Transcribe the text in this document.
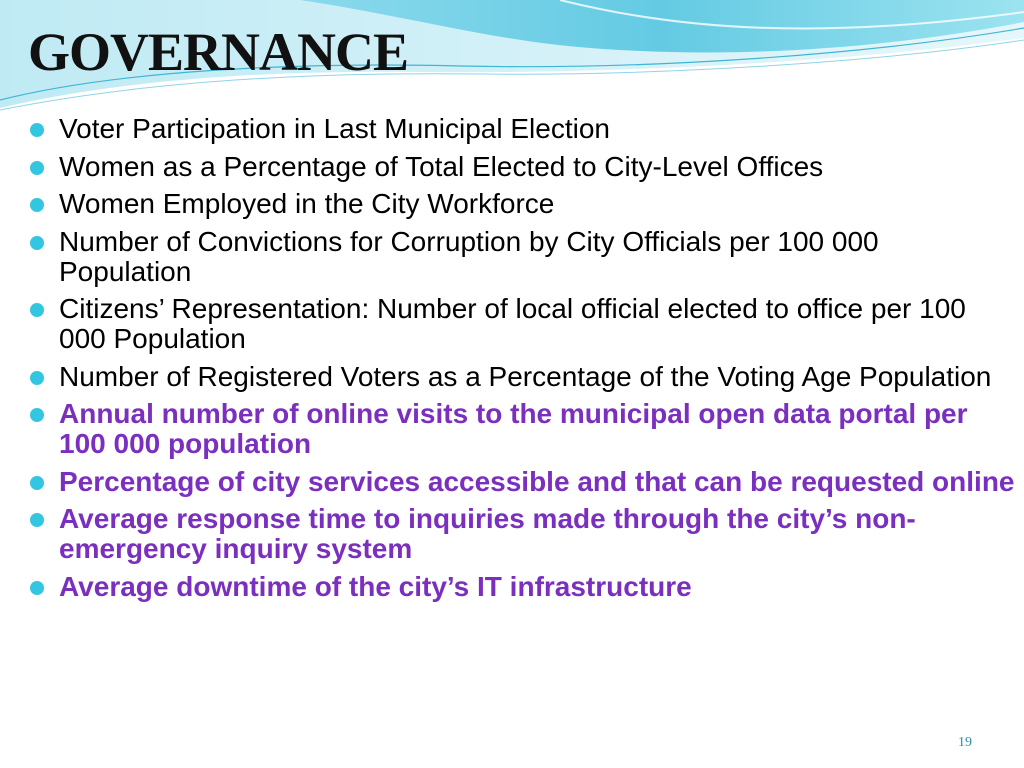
GOVERNANCE
Voter Participation in Last Municipal Election
Women as a Percentage of Total Elected to City-Level Offices
Women Employed in the City Workforce
Number of Convictions for Corruption by City Officials per 100 000 Population
Citizens’ Representation: Number of local official elected to office per 100 000 Population
Number of Registered Voters as a Percentage of the Voting Age Population
Annual number of online visits to the municipal open data portal per 100 000 population
Percentage of city services accessible and that can be requested online
Average response time to inquiries made through the city’s non-emergency inquiry system
Average downtime of the city’s IT infrastructure
19
